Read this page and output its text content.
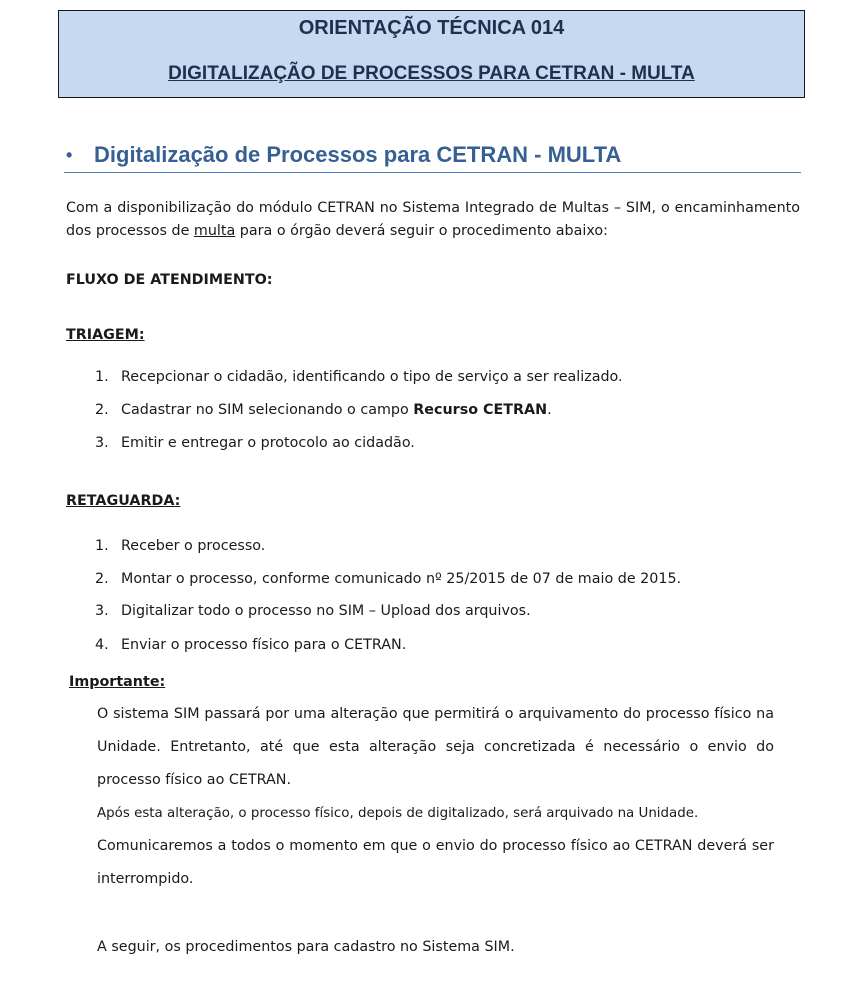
ORIENTAÇÃO TÉCNICA 014
DIGITALIZAÇÃO DE PROCESSOS PARA CETRAN - MULTA
• Digitalização de Processos para CETRAN - MULTA
Com a disponibilização do módulo CETRAN no Sistema Integrado de Multas – SIM, o encaminhamento dos processos de multa para o órgão deverá seguir o procedimento abaixo:
FLUXO DE ATENDIMENTO:
TRIAGEM:
1. Recepcionar o cidadão, identificando o tipo de serviço a ser realizado.
2. Cadastrar no SIM selecionando o campo Recurso CETRAN.
3. Emitir e entregar o protocolo ao cidadão.
RETAGUARDA:
1. Receber o processo.
2. Montar o processo, conforme comunicado nº 25/2015 de 07 de maio de 2015.
3. Digitalizar todo o processo no SIM – Upload dos arquivos.
4. Enviar o processo físico para o CETRAN.
Importante:
O sistema SIM passará por uma alteração que permitirá o arquivamento do processo físico na Unidade. Entretanto, até que esta alteração seja concretizada é necessário o envio do processo físico ao CETRAN.
Após esta alteração, o processo físico, depois de digitalizado, será arquivado na Unidade.
Comunicaremos a todos o momento em que o envio do processo físico ao CETRAN deverá ser interrompido.
A seguir, os procedimentos para cadastro no Sistema SIM.
